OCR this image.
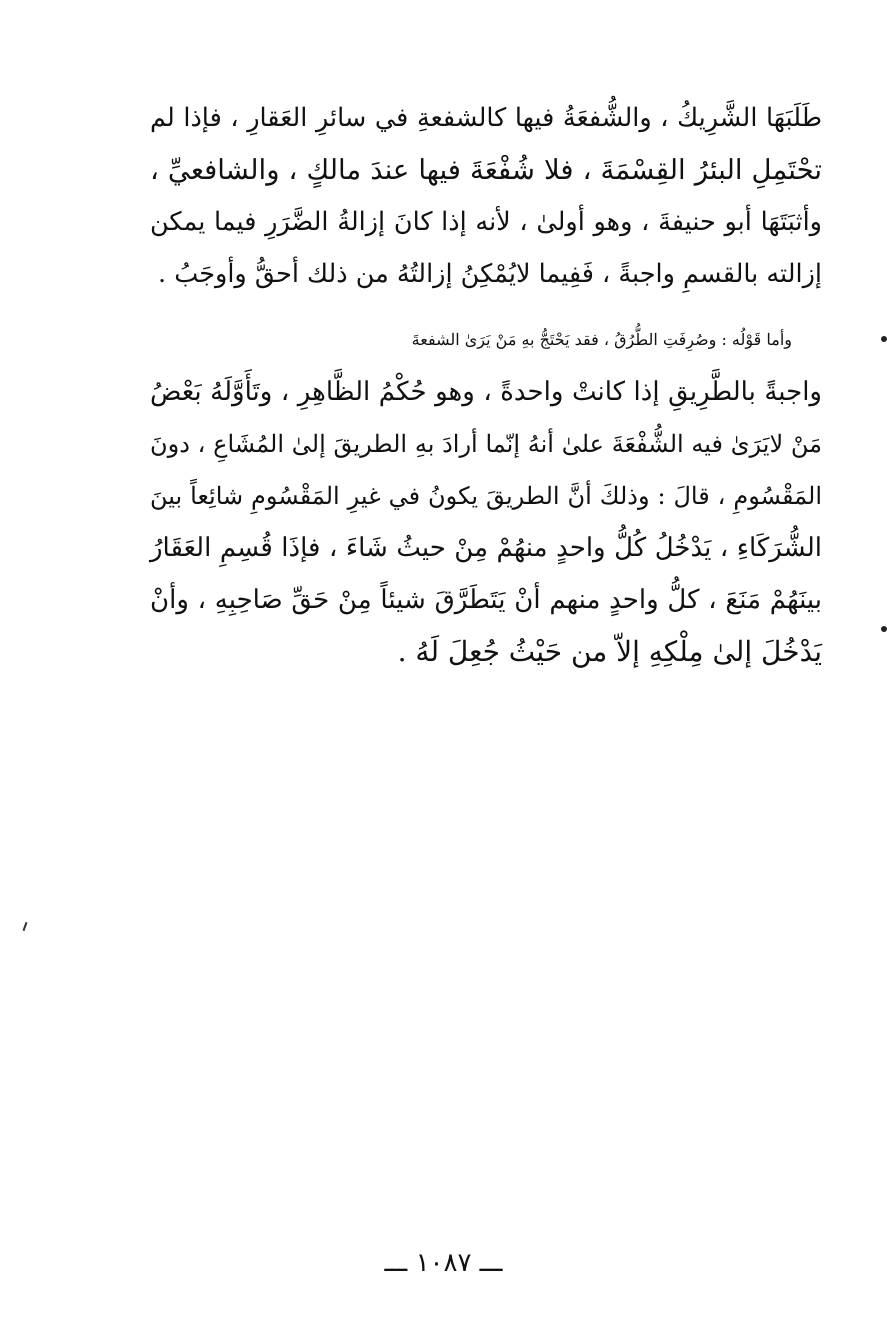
طَلَبَهَا الشَّرِيكُ ، والشُّفعَةُ فيها كالشفعةِ في سائرِ العَقارِ ، فإذا لم
تحْتَمِلِ البئرُ القِسْمَةَ ، فلا شُفْعَةَ فيها عندَ مالكٍ ، والشافعيِّ ،
وأثبَتَهَا أبو حنيفةَ ، وهو أولىٰ ، لأنه إذا كانَ إزالةُ الضَّرَرِ فيما يمكن
إزالته بالقسمِ واجبةً ، فَفِيما لايُمْكِنُ إزالتُهُ من ذلك أحقُّ وأوجَبُ .
وأما قَوْلُه : وصُرِفَتِ الطُّرُقُ ، فقد يَحْتَجُّ بهِ مَنْ يَرَىٰ الشفعةَ
واجبةً بالطَّرِيقِ إذا كانتْ واحدةً ، وهو حُكْمُ الظَّاهِرِ ، وتَأَوَّلَهُ بَعْضُ
مَنْ لايَرَىٰ فيه الشُّفْعَةَ علىٰ أنهُ إنّما أرادَ بهِ الطريقَ إلىٰ المُشَاعِ ، دونَ
المَقْسُومِ ، قالَ : وذلكَ أنَّ الطريقَ يكونُ في غيرِ المَقْسُومِ شائِعاً بينَ
الشُّرَكَاءِ ، يَدْخُلُ كُلُّ واحدٍ منهُمْ مِنْ حيثُ شَاءَ ، فإذَا قُسِمِ العَقَارُ
بينَهُمْ مَنَعَ ، كلُّ واحدٍ منهم أنْ يَتَطَرَّقَ شيئاً مِنْ حَقِّ صَاحِبِهِ ، وأنْ
يَدْخُلَ إلىٰ مِلْكِهِ إلاّ من حَيْثُ جُعِلَ لَهُ .
ـــ ١٠٨٧ ـــ
